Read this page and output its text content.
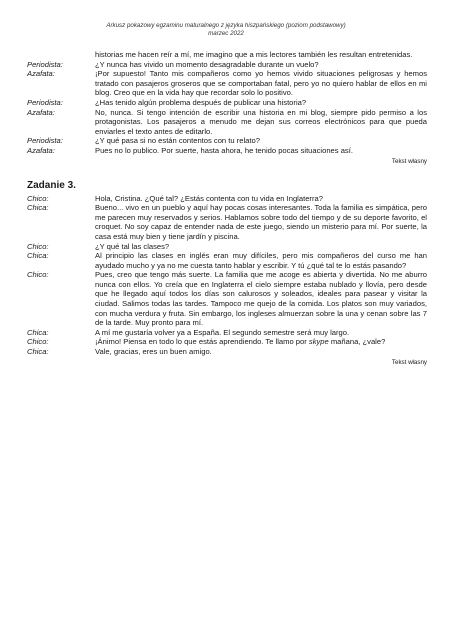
Arkusz pokazowy egzaminu maturalnego z języka hiszpańskiego (poziom podstawowy)
marzec 2022
historias me hacen reír a mí, me imagino que a mis lectores también les resultan entretenidas.
Periodista:	¿Y nunca has vivido un momento desagradable durante un vuelo?
Azafata:	¡Por supuesto! Tanto mis compañeros como yo hemos vivido situaciones peligrosas y hemos tratado con pasajeros groseros que se comportaban fatal, pero yo no quiero hablar de ellos en mi blog. Creo que en la vida hay que recordar solo lo positivo.
Periodista:	¿Has tenido algún problema después de publicar una historia?
Azafata:	No, nunca. Si tengo intención de escribir una historia en mi blog, siempre pido permiso a los protagonistas. Los pasajeros a menudo me dejan sus correos electrónicos para que pueda enviarles el texto antes de editarlo.
Periodista:	¿Y qué pasa si no están contentos con tu relato?
Azafata:	Pues no lo publico. Por suerte, hasta ahora, he tenido pocas situaciones así.
Tekst własny
Zadanie 3.
Chico:	Hola, Cristina. ¿Qué tal? ¿Estás contenta con tu vida en Inglaterra?
Chica:	Bueno... vivo en un pueblo y aquí hay pocas cosas interesantes. Toda la familia es simpática, pero me parecen muy reservados y serios. Hablamos sobre todo del tiempo y de su deporte favorito, el croquet. No soy capaz de entender nada de este juego, siendo un misterio para mí. Por suerte, la casa está muy bien y tiene jardín y piscina.
Chico:	¿Y qué tal las clases?
Chica:	Al principio las clases en inglés eran muy difíciles, pero mis compañeros del curso me han ayudado mucho y ya no me cuesta tanto hablar y escribir. Y tú ¿qué tal te lo estás pasando?
Chico:	Pues, creo que tengo más suerte. La familia que me acoge es abierta y divertida. No me aburro nunca con ellos. Yo creía que en Inglaterra el cielo siempre estaba nublado y llovía, pero desde que he llegado aquí todos los días son calurosos y soleados, ideales para pasear y visitar la ciudad. Salimos todas las tardes. Tampoco me quejo de la comida. Los platos son muy variados, con mucha verdura y fruta. Sin embargo, los ingleses almuerzan sobre la una y cenan sobre las 7 de la tarde. Muy pronto para mí.
Chica:	A mí me gustaría volver ya a España. El segundo semestre será muy largo.
Chico:	¡Ánimo! Piensa en todo lo que estás aprendiendo. Te llamo por skype mañana, ¿vale?
Chica:	Vale, gracias, eres un buen amigo.
Tekst własny
